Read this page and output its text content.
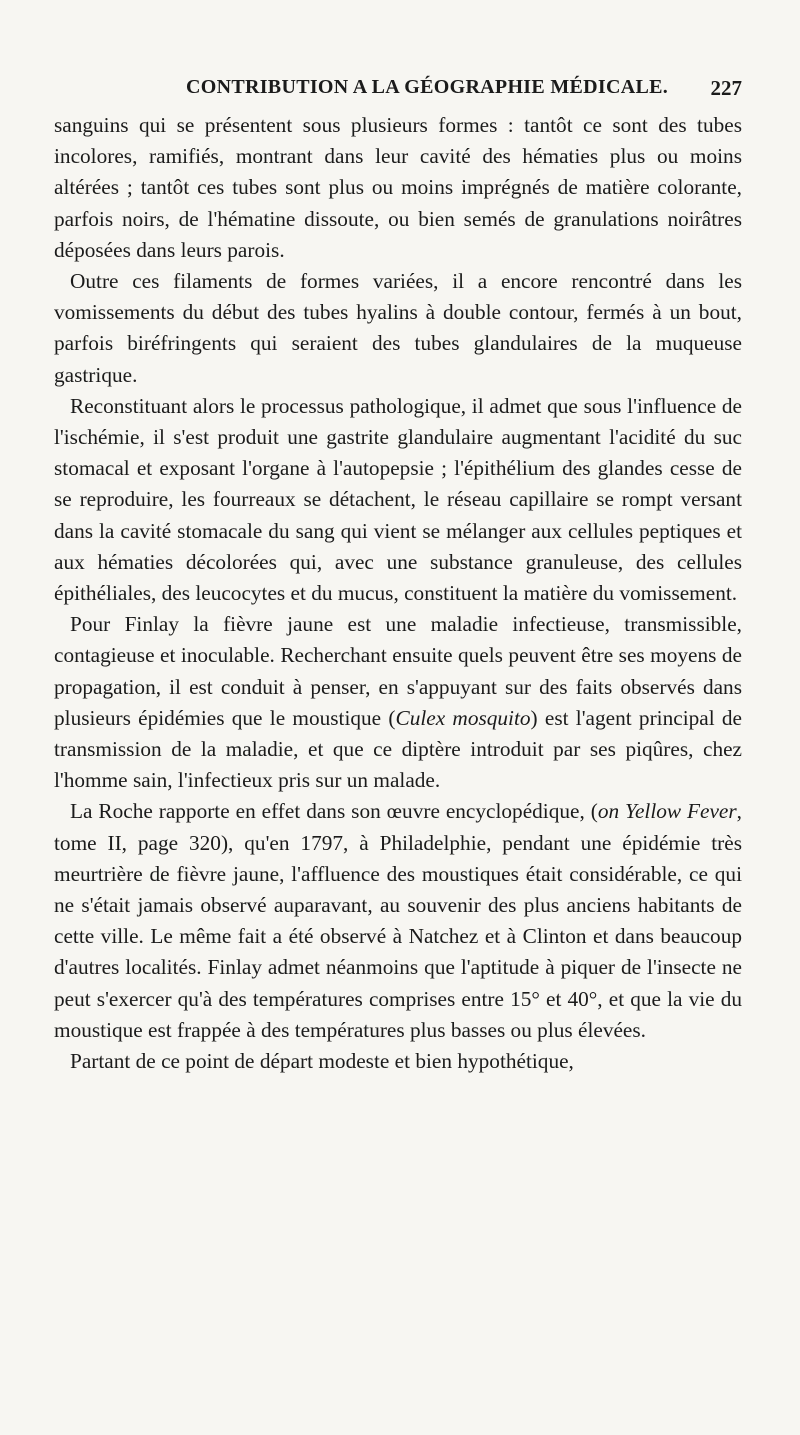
CONTRIBUTION A LA GÉOGRAPHIE MÉDICALE. 227

sanguins qui se présentent sous plusieurs formes : tantôt ce sont des tubes incolores, ramifiés, montrant dans leur cavité des hématies plus ou moins altérées ; tantôt ces tubes sont plus ou moins imprégnés de matière colorante, parfois noirs, de l'hématine dissoute, ou bien semés de granulations noirâtres déposées dans leurs parois.

Outre ces filaments de formes variées, il a encore rencontré dans les vomissements du début des tubes hyalins à double contour, fermés à un bout, parfois biréfringents qui seraient des tubes glandulaires de la muqueuse gastrique.

Reconstituant alors le processus pathologique, il admet que sous l'influence de l'ischémie, il s'est produit une gastrite glandulaire augmentant l'acidité du suc stomacal et exposant l'organe à l'autopepsie ; l'épithélium des glandes cesse de se reproduire, les fourreaux se détachent, le réseau capillaire se rompt versant dans la cavité stomacale du sang qui vient se mélanger aux cellules peptiques et aux hématies décolorées qui, avec une substance granuleuse, des cellules épithéliales, des leucocytes et du mucus, constituent la matière du vomissement.

Pour Finlay la fièvre jaune est une maladie infectieuse, transmissible, contagieuse et inoculable. Recherchant ensuite quels peuvent être ses moyens de propagation, il est conduit à penser, en s'appuyant sur des faits observés dans plusieurs épidémies que le moustique (Culex mosquito) est l'agent principal de transmission de la maladie, et que ce diptère introduit par ses piqûres, chez l'homme sain, l'infectieux pris sur un malade.

La Roche rapporte en effet dans son œuvre encyclopédique, (on Yellow Fever, tome II, page 320), qu'en 1797, à Philadelphie, pendant une épidémie très meurtrière de fièvre jaune, l'affluence des moustiques était considérable, ce qui ne s'était jamais observé auparavant, au souvenir des plus anciens habitants de cette ville. Le même fait a été observé à Natchez et à Clinton et dans beaucoup d'autres localités. Finlay admet néanmoins que l'aptitude à piquer de l'insecte ne peut s'exercer qu'à des températures comprises entre 15° et 40°, et que la vie du moustique est frappée à des températures plus basses ou plus élevées.

Partant de ce point de départ modeste et bien hypothétique,
